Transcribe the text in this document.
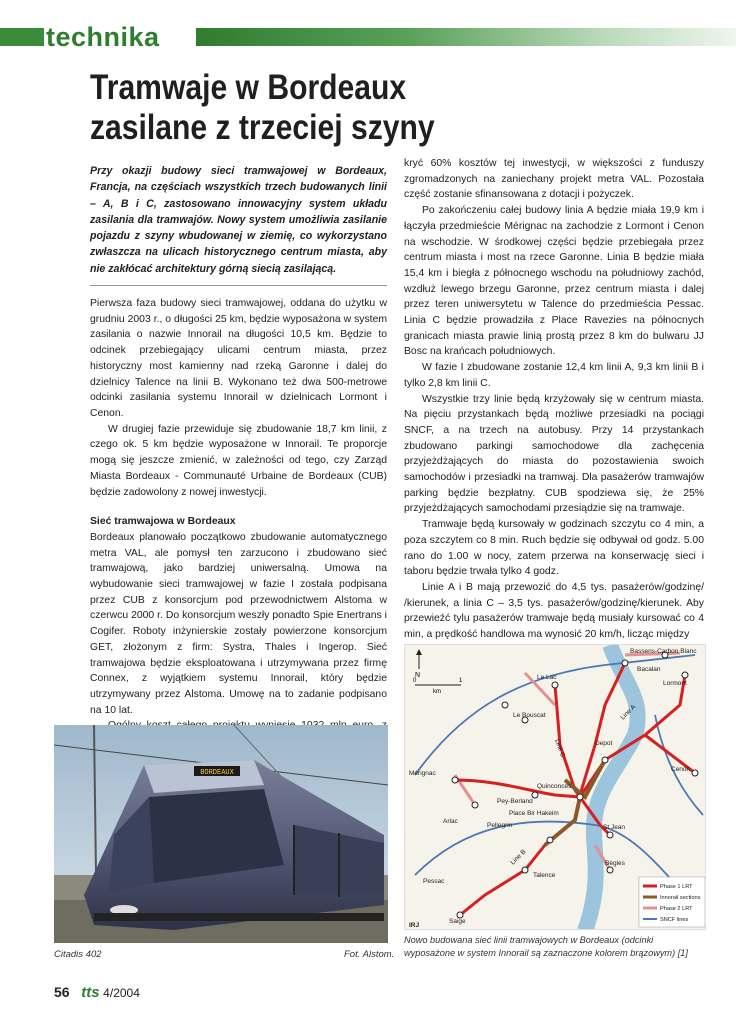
technika
Tramwaje w Bordeaux
zasilane z trzeciej szyny

Przy okazji budowy sieci tramwajowej w Bordeaux, Francja, na częściach wszystkich trzech budowanych linii – A, B i C, zastosowano innowacyjny system układu zasilania dla tramwajów. Nowy system umożliwia zasilanie pojazdu z szyny wbudowanej w ziemię, co wykorzystano zwłaszcza na ulicach historycznego centrum miasta, aby nie zakłócać architektury górną siecią zasilającą.

Pierwsza faza budowy sieci tramwajowej, oddana do użytku w grudniu 2003 r., o długości 25 km, będzie wyposażona w system zasilania o nazwie Innorail na długości 10,5 km. Będzie to odcinek przebiegający ulicami centrum miasta, przez historyczny most kamienny nad rzeką Garonne i dalej do dzielnicy Talence na linii B. Wykonano też dwa 500-metrowe odcinki zasilania systemu Innorail w dzielnicach Lormont i Cenon.

W drugiej fazie przewiduje się zbudowanie 18,7 km linii, z czego ok. 5 km będzie wyposażone w Innorail. Te proporcje mogą się jeszcze zmienić, w zależności od tego, czy Zarząd Miasta Bordeaux - Communauté Urbaine de Bordeaux (CUB) będzie zadowolony z nowej inwestycji.

Sieć tramwajowa w Bordeaux

Bordeaux planowało początkowo zbudowanie automatycznego metra VAL, ale pomysł ten zarzucono i zbudowano sieć tramwajową, jako bardziej uniwersalną. Umowa na wybudowanie sieci tramwajowej w fazie I została podpisana przez CUB z konsorcjum pod przewodnictwem Alstoma w czerwcu 2000 r. Do konsorcjum weszły ponadto Spie Enertrans i Cogifer. Roboty inżynierskie zostały powierzone konsorcjum GET, złożonym z firm: Systra, Thales i Ingerop. Sieć tramwajowa będzie eksploatowana i utrzymywana przez firmę Connex, z wyjątkiem systemu Innorail, który będzie utrzymywany przez Alstoma. Umowę na to zadanie podpisano na 10 lat.

kryć 60% kosztów tej inwestycji, w większości z funduszy zgromadzonych na zaniechany projekt metra VAL. Pozostała część zostanie sfinansowana z dotacji i pożyczek.

Po zakończeniu całej budowy linia A będzie miała 19,9 km i łączyła przedmieście Mérignac na zachodzie z Lormont i Cenon na wschodzie. W środkowej części będzie przebiegała przez centrum miasta i most na rzece Garonne. Linia B będzie miała 15,4 km i biegła z północnego wschodu na południowy zachód, wzdłuż lewego brzegu Garonne, przez centrum miasta i dalej przez teren uniwersytetu w Talence do przedmieścia Pessac. Linia C będzie prowadziła z Place Ravezies na północnych granicach miasta prawie linią prostą przez 8 km do bulwaru JJ Bosc na krańcach południowych.

W fazie I zbudowane zostanie 12,4 km linii A, 9,3 km linii B i tylko 2,8 km linii C.

Wszystkie trzy linie będą krzyżowały się w centrum miasta. Na pięciu przystankach będą możliwe przesiadki na pociągi SNCF, a na trzech na autobusy. Przy 14 przystankach zbudowano parkingi samochodowe dla zachęcenia przyjeżdżających do miasta do pozostawienia swoich samochodów i przesiadki na tramwaj. Dla pasażerów tramwajów parking będzie bezpłatny. CUB spodziewa się, że 25% przyjeżdżających samochodami przesiądzie się na tramwaje.

Tramwaje będą kursowały w godzinach szczytu co 4 min, a poza szczytem co 8 min. Ruch będzie się odbywał od godz. 5.00 rano do 1.00 w nocy, zatem przerwa na konserwację sieci i taboru będzie trwała tylko 4 godz.

Linie A i B mają przewozić do 4,5 tys. pasażerów/godzinę/ /kierunek, a linia C – 3,5 tys. pasażerów/godzinę/kierunek. Aby przewieźć tylu pasażerów tramwaje będą musiały kursować co 4 min, a prędkość handlowa ma wynosić 20 km/h, licząc między

BORDEAUX
Citadis 402	Fot. Alstom.
N
0	1
km
Bassens-Carbon Blanc
Bacalan
Lormont
Le Lac
Le Bouscat
Mérignac
Quinconces
Pey-Berland
Place Bir Hakeim
Pellegrin
Arlac
St Jean
Bègles
Pessac
Talence
Saige
IRJ
Cenon
Depot
Line C
Line A
Line B
Phase 1 LRT
Innorail sections
Phase 2 LRT
SNCF lines
Nowo budowana sieć linii tramwajowych w Bordeaux (odcinki wyposażone w system Innorail są zaznaczone kolorem brązowym) [1]
56 tts 4/2004
